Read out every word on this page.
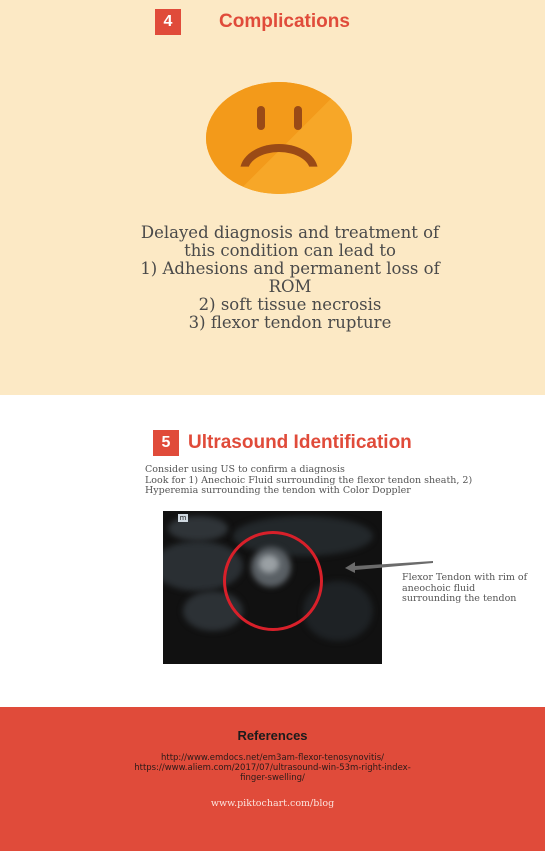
4	Complications
Delayed diagnosis and treatment of
this condition can lead to
1) Adhesions and permanent loss of
ROM
2) soft tissue necrosis
3) flexor tendon rupture
5 Ultrasound Identification
Consider using US to confirm a diagnosis
Look for 1) Anechoic Fluid surrounding the flexor tendon sheath, 2)
Hyperemia surrounding the tendon with Color Doppler
m
Flexor Tendon with rim of
aneochoic fluid
surrounding the tendon
References
http://www.emdocs.net/em3am-flexor-tenosynovitis/
https://www.aliem.com/2017/07/ultrasound-win-53m-right-index-
finger-swelling/
www.piktochart.com/blog
